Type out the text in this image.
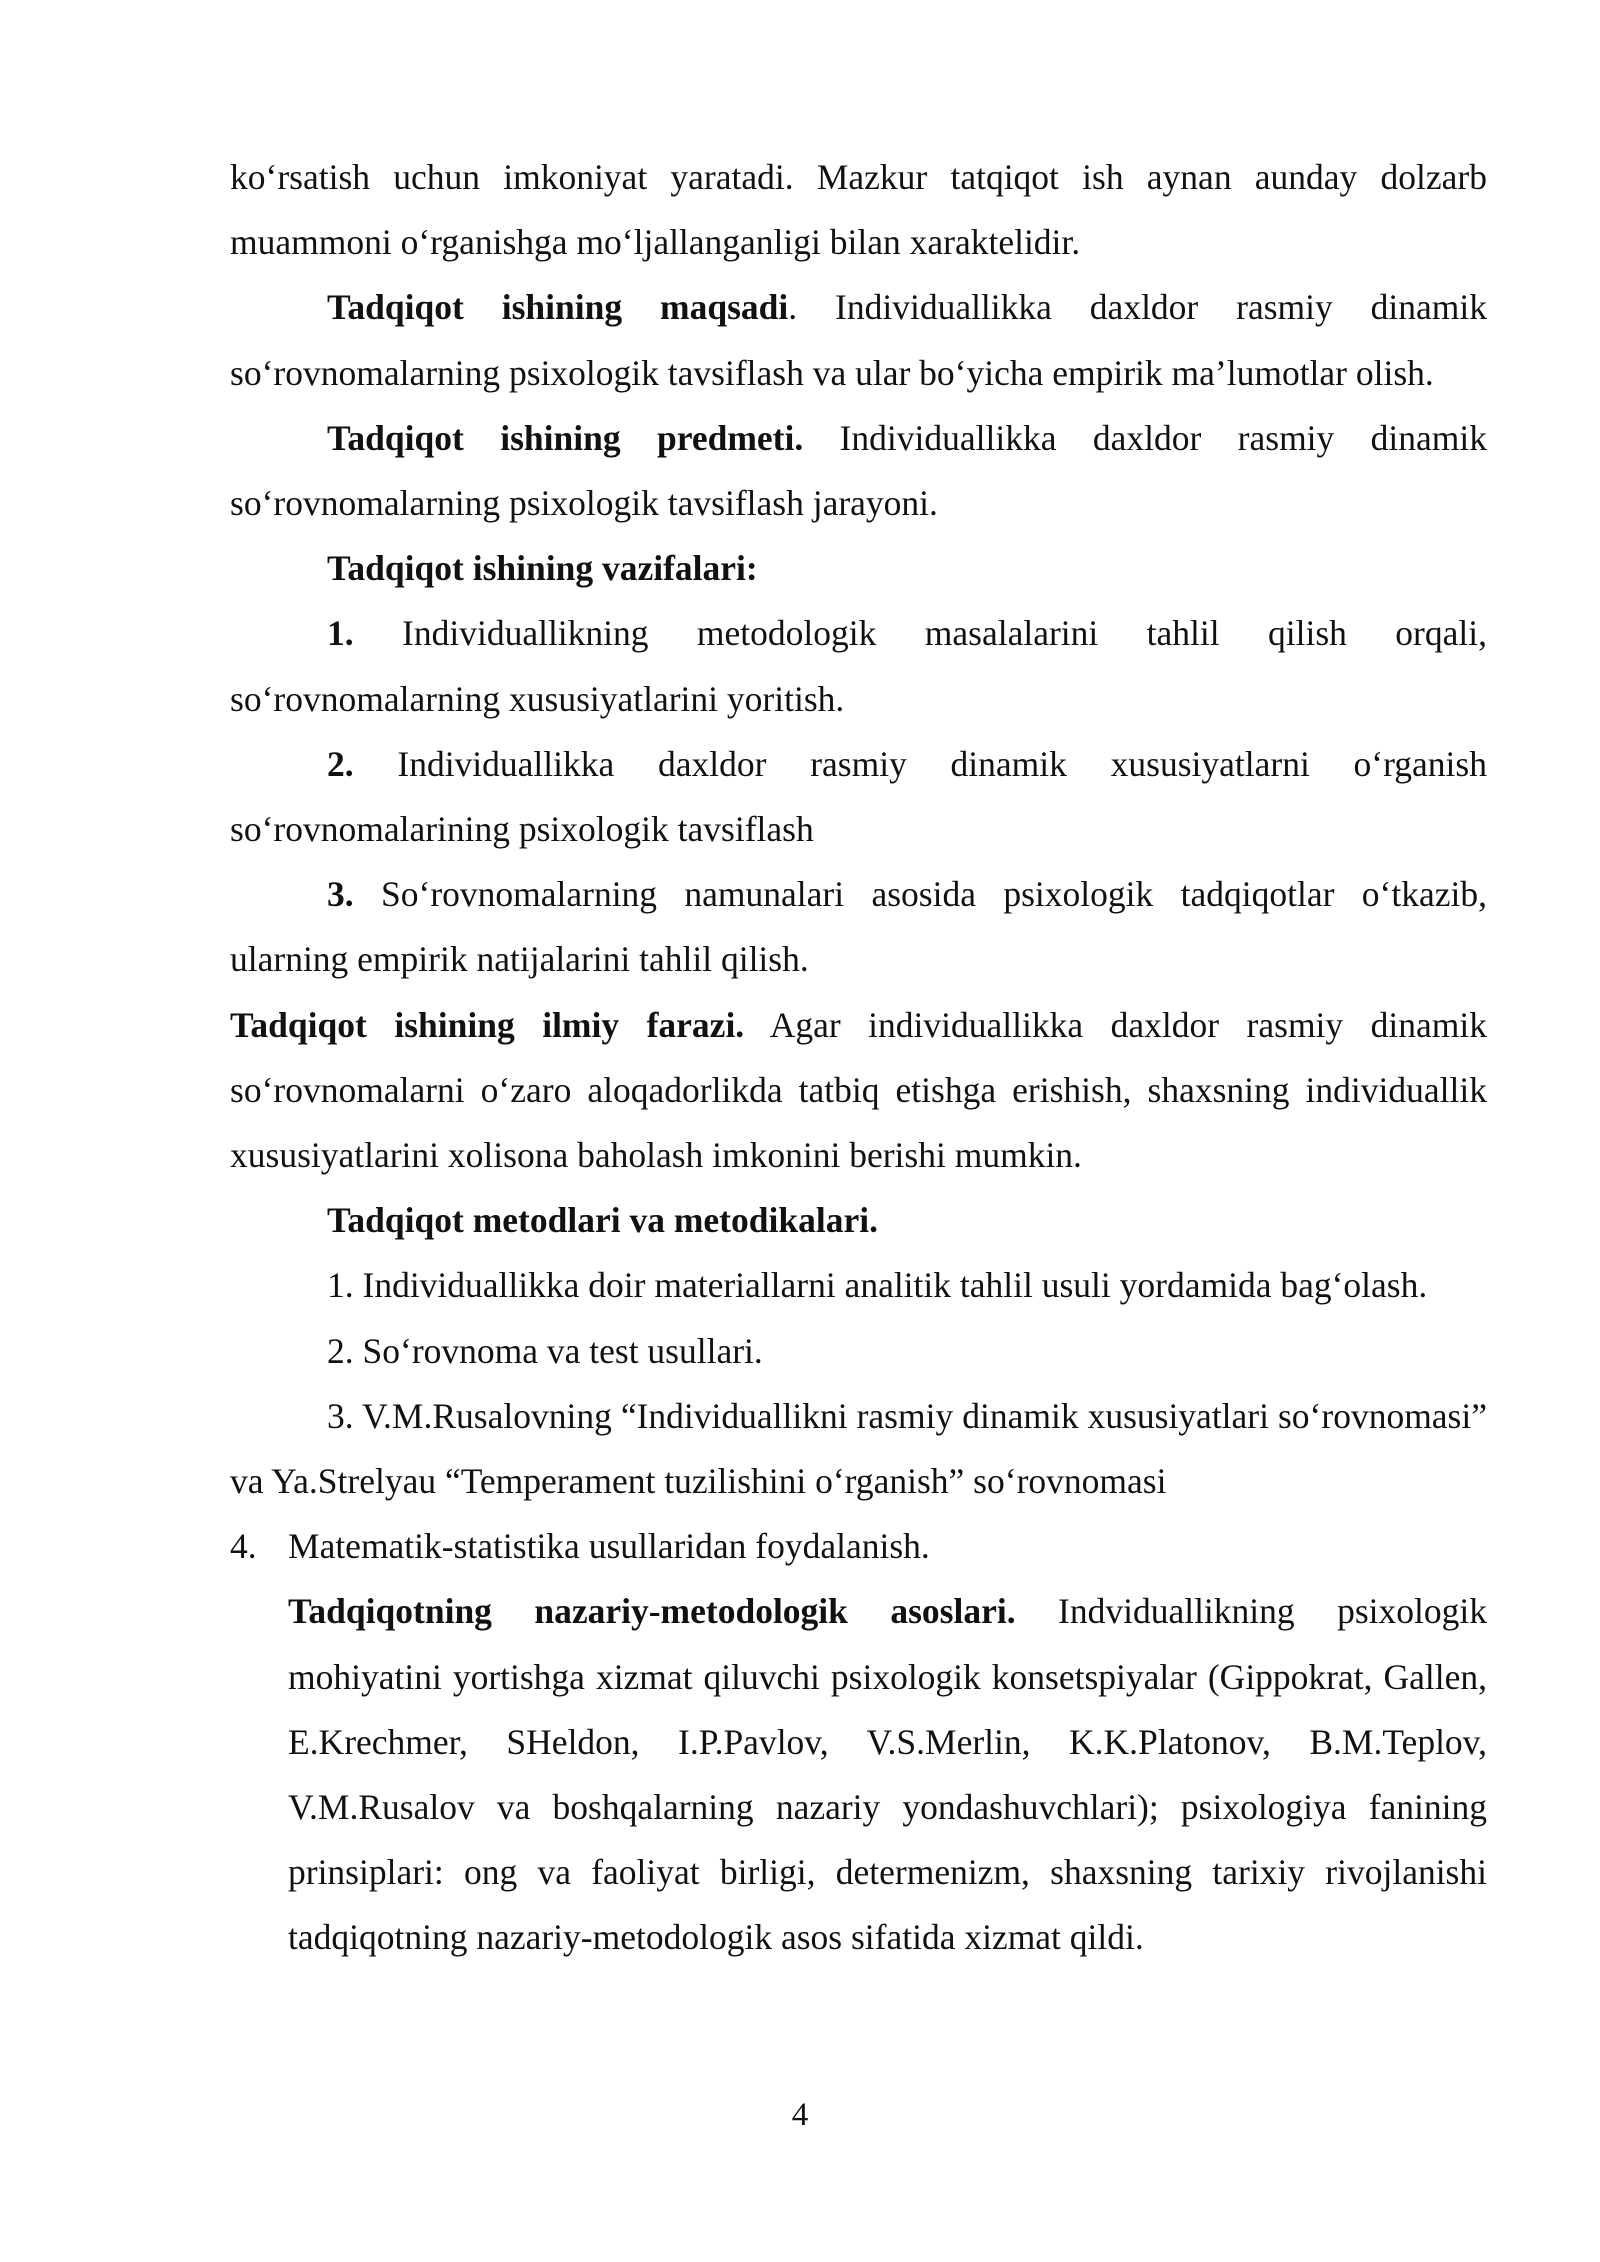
ko‘rsatish uchun imkoniyat yaratadi. Mazkur tatqiqot ish aynan aunday dolzarb muammoni o‘rganishga mo‘ljallanganligi bilan xaraktelidir.

Tadqiqot ishining maqsadi. Individuallikka daxldor rasmiy dinamik so‘rovnomalarning psixologik tavsiflash va ular bo‘yicha empirik ma’lumotlar olish.

Tadqiqot ishining predmeti. Individuallikka daxldor rasmiy dinamik so‘rovnomalarning psixologik tavsiflash jarayoni.

Tadqiqot ishining vazifalari:

1. Individuallikning metodologik masalalarini tahlil qilish orqali, so‘rovnomalarning xususiyatlarini yoritish.

2. Individuallikka daxldor rasmiy dinamik xususiyatlarni o‘rganish so‘rovnomalarining psixologik tavsiflash

3. So‘rovnomalarning namunalari asosida psixologik tadqiqotlar o‘tkazib, ularning empirik natijalarini tahlil qilish.

Tadqiqot ishining ilmiy farazi. Agar individuallikka daxldor rasmiy dinamik so‘rovnomalarni o‘zaro aloqadorlikda tatbiq etishga erishish, shaxsning individuallik xususiyatlarini xolisona baholash imkonini berishi mumkin.

Tadqiqot metodlari va metodikalari.

1. Individuallikka doir materiallarni analitik tahlil usuli yordamida bag‘olash.

2. So‘rovnoma va test usullari.

3. V.M.Rusalovning “Individuallikni rasmiy dinamik xususiyatlari so‘rovnomasi” va Ya.Strelyau “Temperament tuzilishini o‘rganish” so‘rovnomasi

4. Matematik-statistika usullaridan foydalanish.

Tadqiqotning nazariy-metodologik asoslari. Indviduallikning psixologik mohiyatini yortishga xizmat qiluvchi psixologik konsetspiyalar (Gippokrat, Gallen, E.Krechmer, SHeldon, I.P.Pavlov, V.S.Merlin, K.K.Platonov, B.M.Teplov, V.M.Rusalov va boshqalarning nazariy yondashuvchlari); psixologiya fanining prinsiplari: ong va faoliyat birligi, determenizm, shaxsning tarixiy rivojlanishi tadqiqotning nazariy-metodologik asos sifatida xizmat qildi.

4
